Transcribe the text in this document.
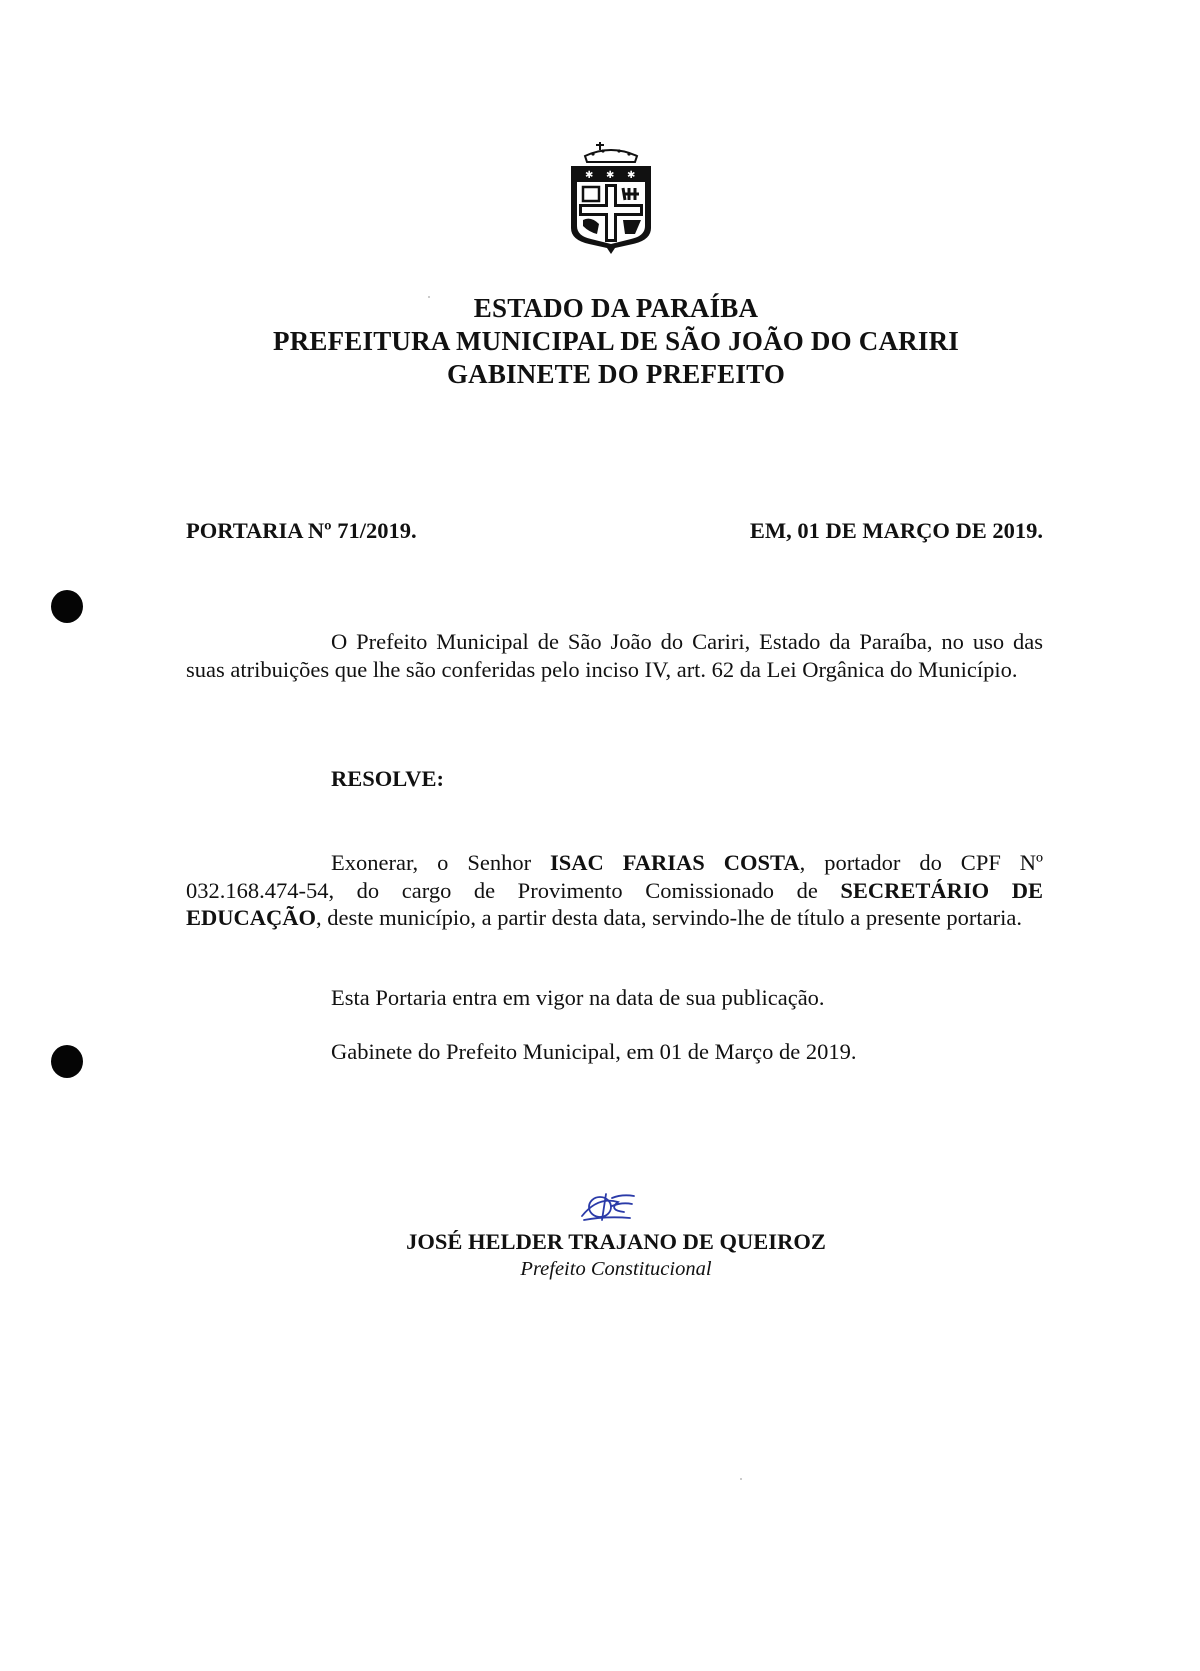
✱ ✱ ✱
ESTADO DA PARAÍBA
PREFEITURA MUNICIPAL DE SÃO JOÃO DO CARIRI
GABINETE DO PREFEITO
PORTARIA Nº 71/2019.	EM, 01 DE MARÇO DE 2019.
O Prefeito Municipal de São João do Cariri, Estado da Paraíba, no uso das suas atribuições que lhe são conferidas pelo inciso IV, art. 62 da Lei Orgânica do Município.
RESOLVE:
Exonerar, o Senhor ISAC FARIAS COSTA, portador do CPF Nº 032.168.474-54, do cargo de Provimento Comissionado de SECRETÁRIO DE EDUCAÇÃO, deste município, a partir desta data, servindo-lhe de título a presente portaria.
Esta Portaria entra em vigor na data de sua publicação.
Gabinete do Prefeito Municipal, em 01 de Março de 2019.
JOSÉ HELDER TRAJANO DE QUEIROZ
Prefeito Constitucional
